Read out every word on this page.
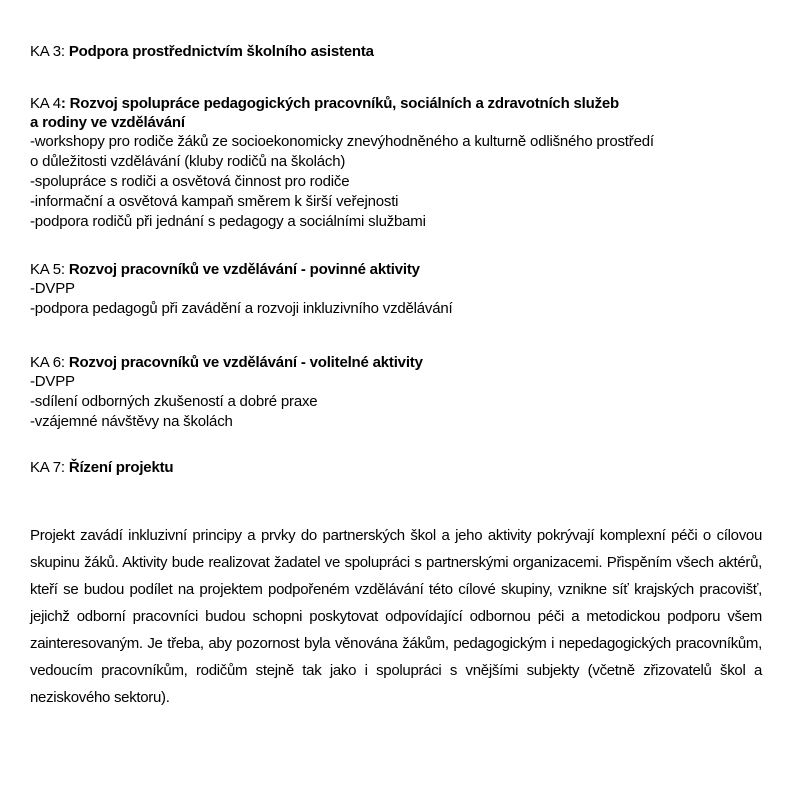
KA 3: Podpora prostřednictvím školního asistenta
KA 4: Rozvoj spolupráce pedagogických pracovníků, sociálních a zdravotních služeb
a rodiny ve vzdělávání
-workshopy pro rodiče žáků ze socioekonomicky znevýhodněného a kulturně odlišného prostředí
o důležitosti vzdělávání (kluby rodičů na školách)
-spolupráce s rodiči a osvětová činnost pro rodiče
-informační a osvětová kampaň směrem k širší veřejnosti
-podpora rodičů při jednání s pedagogy a sociálními službami
KA 5: Rozvoj pracovníků ve vzdělávání - povinné aktivity
-DVPP
-podpora pedagogů při zavádění a rozvoji inkluzivního vzdělávání
KA 6: Rozvoj pracovníků ve vzdělávání - volitelné aktivity
-DVPP
-sdílení odborných zkušeností a dobré praxe
-vzájemné návštěvy na školách
KA 7: Řízení projektu

Projekt zavádí inkluzivní principy a prvky do partnerských škol a jeho aktivity pokrývají komplexní péči o cílovou skupinu žáků. Aktivity bude realizovat žadatel ve spolupráci s partnerskými organizacemi. Přispěním všech aktérů, kteří se budou podílet na projektem podpořeném vzdělávání této cílové skupiny, vznikne síť krajských pracovišť, jejichž odborní pracovníci budou schopni poskytovat odpovídající odbornou péči a metodickou podporu všem zainteresovaným. Je třeba, aby pozornost byla věnována žákům, pedagogickým i nepedagogických pracovníkům, vedoucím pracovníkům, rodičům stejně tak jako i spolupráci s vnějšími subjekty (včetně zřizovatelů škol a neziskového sektoru).
